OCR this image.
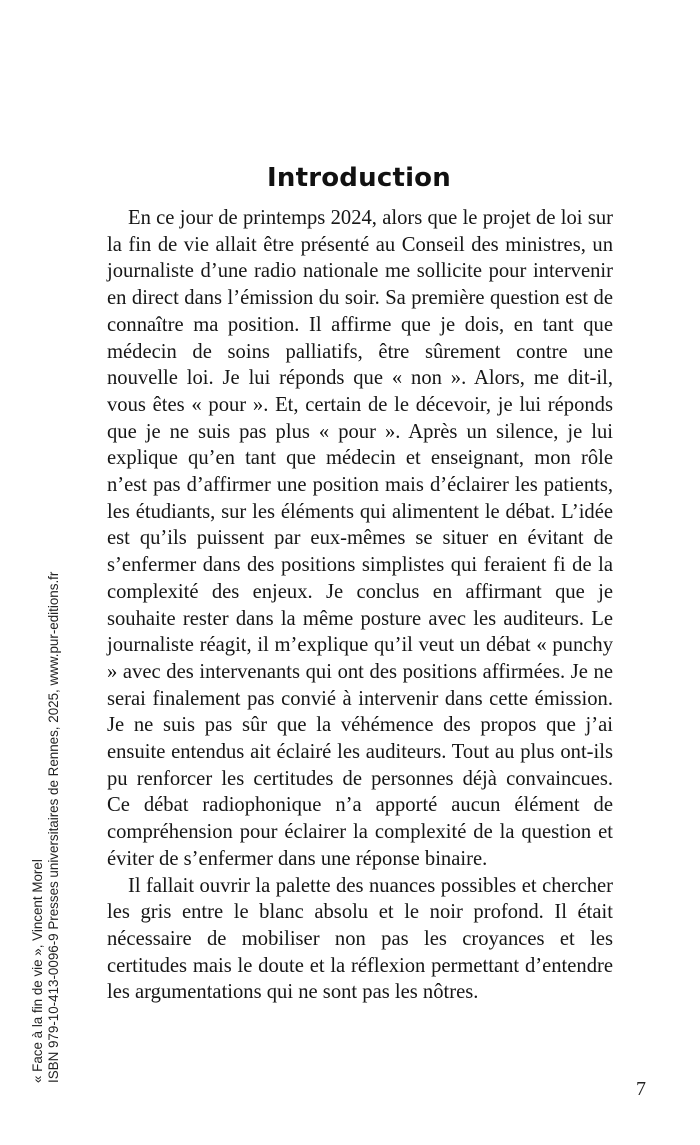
Introduction

En ce jour de printemps 2024, alors que le projet de loi sur la fin de vie allait être présenté au Conseil des ministres, un journaliste d’une radio nationale me sollicite pour intervenir en direct dans l’émission du soir. Sa première question est de connaître ma position. Il affirme que je dois, en tant que médecin de soins palliatifs, être sûrement contre une nouvelle loi. Je lui réponds que « non ». Alors, me dit-il, vous êtes « pour ». Et, certain de le décevoir, je lui réponds que je ne suis pas plus « pour ». Après un silence, je lui explique qu’en tant que médecin et enseignant, mon rôle n’est pas d’affirmer une position mais d’éclairer les patients, les étudiants, sur les éléments qui alimentent le débat. L’idée est qu’ils puissent par eux-mêmes se situer en évitant de s’enfermer dans des positions simplistes qui feraient fi de la complexité des enjeux. Je conclus en affirmant que je souhaite rester dans la même posture avec les auditeurs. Le journaliste réagit, il m’explique qu’il veut un débat « punchy » avec des intervenants qui ont des positions affirmées. Je ne serai finalement pas convié à intervenir dans cette émission. Je ne suis pas sûr que la véhémence des propos que j’ai ensuite entendus ait éclairé les auditeurs. Tout au plus ont-ils pu renforcer les certitudes de personnes déjà convaincues. Ce débat radiophonique n’a apporté aucun élément de compréhension pour éclairer la complexité de la question et éviter de s’enfermer dans une réponse binaire.

Il fallait ouvrir la palette des nuances possibles et chercher les gris entre le blanc absolu et le noir profond. Il était nécessaire de mobiliser non pas les croyances et les certitudes mais le doute et la réflexion permettant d’entendre les argumentations qui ne sont pas les nôtres.

« Face à la fin de vie », Vincent Morel ISBN 979-10-413-0096-9 Presses universitaires de Rennes, 2025, www.pur-editions.fr
7
